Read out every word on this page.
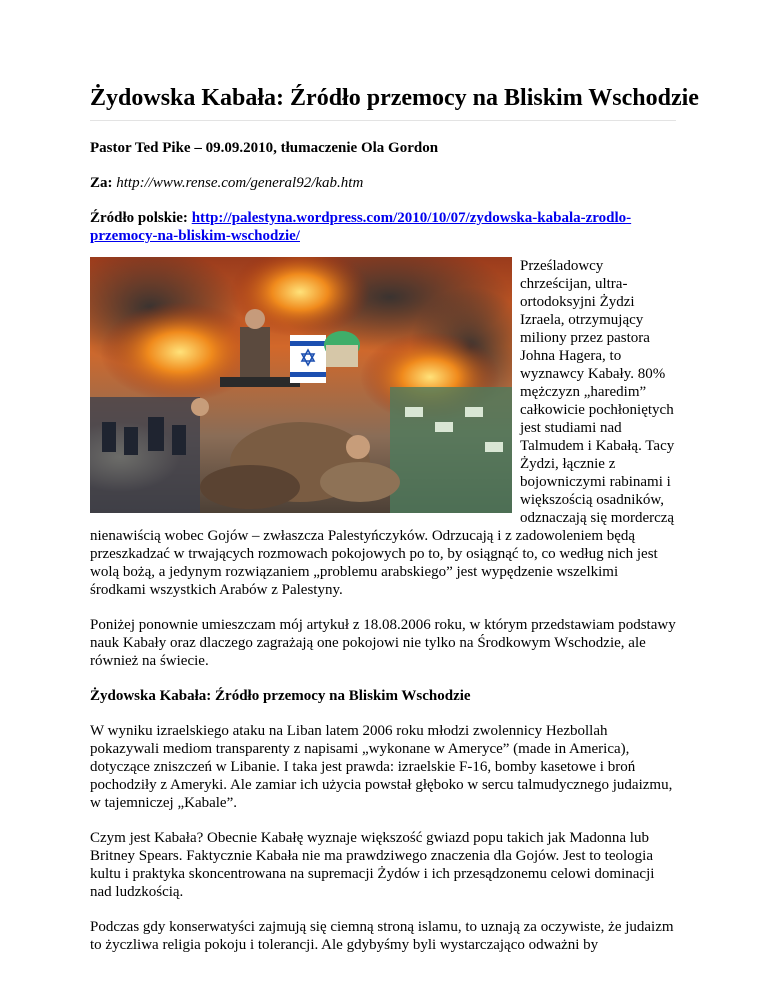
Żydowska Kabała: Źródło przemocy na Bliskim Wschodzie

Pastor Ted Pike – 09.09.2010, tłumaczenie Ola Gordon

Za: http://www.rense.com/general92/kab.htm

Źródło polskie: http://palestyna.wordpress.com/2010/10/07/zydowska-kabala-zrodlo-przemocy-na-bliskim-wschodzie/

Prześladowcy chrześcijan, ultra-ortodoksyjni Żydzi Izraela, otrzymujący miliony przez pastora Johna Hagera, to wyznawcy Kabały. 80% mężczyzn „haredim” całkowicie pochłoniętych jest studiami nad Talmudem i Kabałą. Tacy Żydzi, łącznie z bojowniczymi rabinami i większością osadników, odznaczają się morderczą nienawiścią wobec Gojów – zwłaszcza Palestyńczyków. Odrzucają i z zadowoleniem będą przeszkadzać w trwających rozmowach pokojowych po to, by osiągnąć to, co według nich jest wolą bożą, a jedynym rozwiązaniem „problemu arabskiego” jest wypędzenie wszelkimi środkami wszystkich Arabów z Palestyny.

Poniżej ponownie umieszczam mój artykuł z 18.08.2006 roku, w którym przedstawiam podstawy nauk Kabały oraz dlaczego zagrażają one pokojowi nie tylko na Środkowym Wschodzie, ale również na świecie.

Żydowska Kabała: Źródło przemocy na Bliskim Wschodzie

W wyniku izraelskiego ataku na Liban latem 2006 roku młodzi zwolennicy Hezbollah pokazywali mediom transparenty z napisami „wykonane w Ameryce” (made in America), dotyczące zniszczeń w Libanie. I taka jest prawda: izraelskie F-16, bomby kasetowe i broń pochodziły z Ameryki. Ale zamiar ich użycia powstał głęboko w sercu talmudycznego judaizmu, w tajemniczej „Kabale”.

Czym jest Kabała? Obecnie Kabałę wyznaje większość gwiazd popu takich jak Madonna lub Britney Spears. Faktycznie Kabała nie ma prawdziwego znaczenia dla Gojów. Jest to teologia kultu i praktyka skoncentrowana na supremacji Żydów i ich przesądzonemu celowi dominacji nad ludzkością.

Podczas gdy konserwatyści zajmują się ciemną stroną islamu, to uznają za oczywiste, że judaizm to życzliwa religia pokoju i tolerancji. Ale gdybyśmy byli wystarczająco odważni by
